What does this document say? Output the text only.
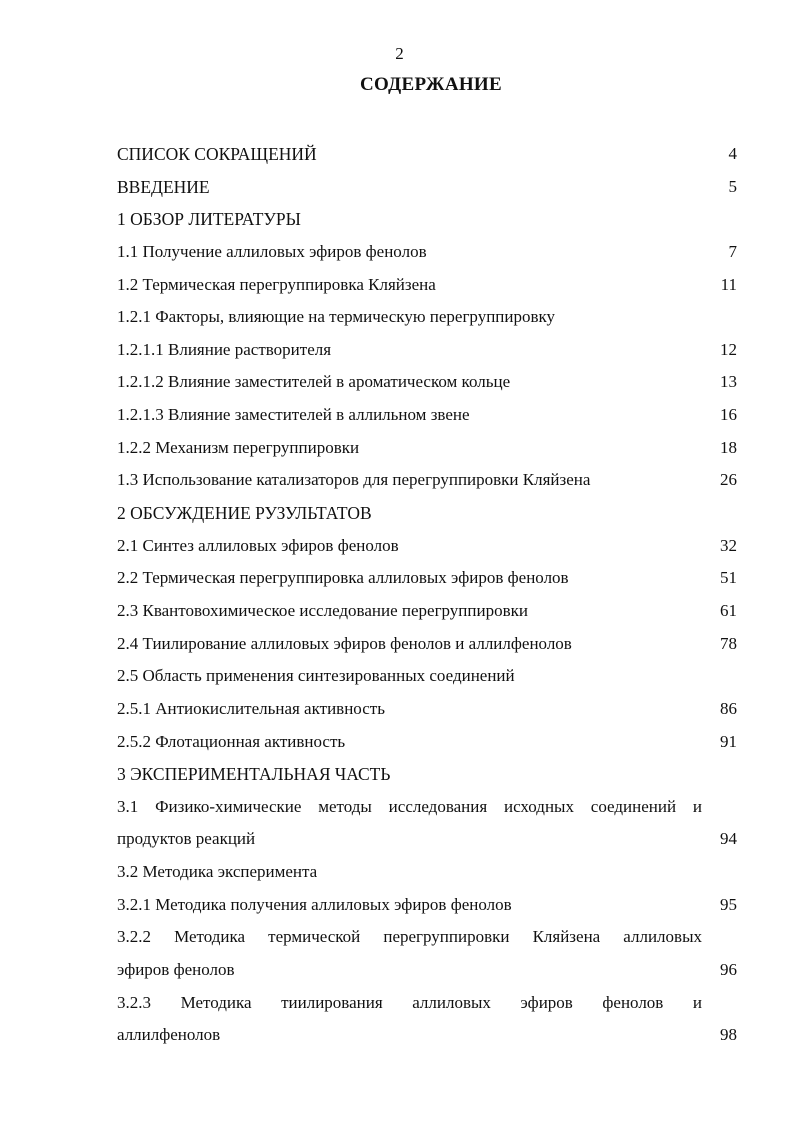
2
СОДЕРЖАНИЕ
СПИСОК СОКРАЩЕНИЙ	4
ВВЕДЕНИЕ	5
1 ОБЗОР ЛИТЕРАТУРЫ
1.1 Получение аллиловых эфиров фенолов	7
1.2 Термическая перегруппировка Кляйзена	11
1.2.1 Факторы, влияющие на термическую перегруппировку
1.2.1.1 Влияние растворителя	12
1.2.1.2 Влияние заместителей в ароматическом кольце	13
1.2.1.3 Влияние заместителей в аллильном звене	16
1.2.2 Механизм перегруппировки	18
1.3 Использование катализаторов для перегруппировки Кляйзена	26
2 ОБСУЖДЕНИЕ РУЗУЛЬТАТОВ
2.1 Синтез аллиловых эфиров фенолов	32
2.2 Термическая перегруппировка аллиловых эфиров фенолов	51
2.3 Квантовохимическое исследование перегруппировки	61
2.4 Тиилирование аллиловых эфиров фенолов и аллилфенолов	78
2.5 Область применения синтезированных соединений
2.5.1 Антиокислительная активность	86
2.5.2 Флотационная активность	91
3 ЭКСПЕРИМЕНТАЛЬНАЯ ЧАСТЬ
3.1 Физико-химические методы исследования исходных соединений и
продуктов реакций	94
3.2 Методика эксперимента
3.2.1 Методика получения аллиловых эфиров фенолов	95
3.2.2 Методика термической перегруппировки Кляйзена аллиловых
эфиров фенолов	96
3.2.3 Методика тиилирования аллиловых эфиров фенолов и
аллилфенолов	98
